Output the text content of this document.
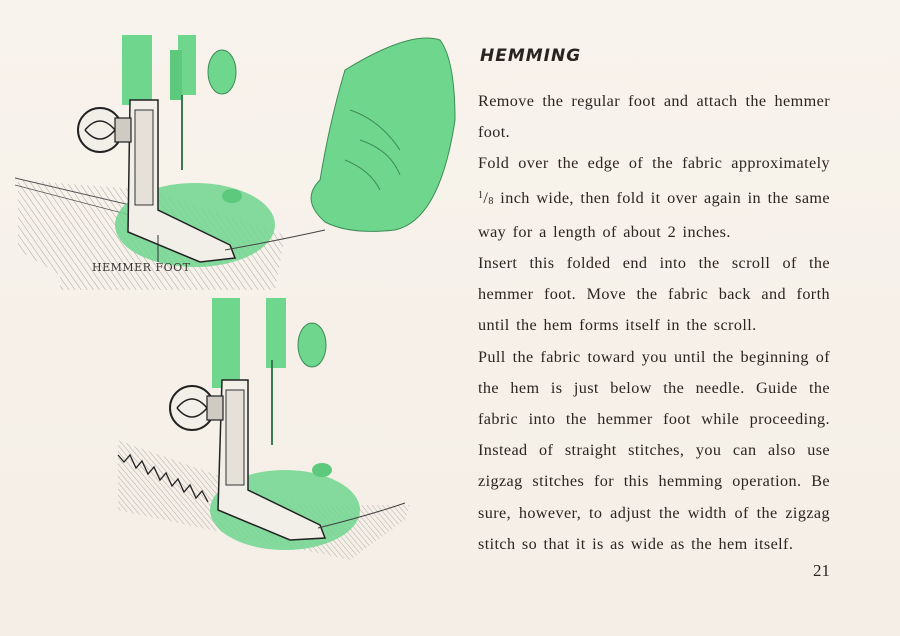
HEMMER FOOT
HEMMING

Remove the regular foot and attach the hemmer foot.

Fold over the edge of the fabric approximately $^1/_8$ inch wide, then fold it over again in the same way for a length of about 2 inches.

Insert this folded end into the scroll of the hemmer foot. Move the fabric back and forth until the hem forms itself in the scroll.

Pull the fabric toward you until the beginning of the hem is just below the needle. Guide the fabric into the hemmer foot while proceeding. Instead of straight stitches, you can also use zigzag stitches for this hemming operation. Be sure, however, to adjust the width of the zigzag stitch so that it is as wide as the hem itself.

21
